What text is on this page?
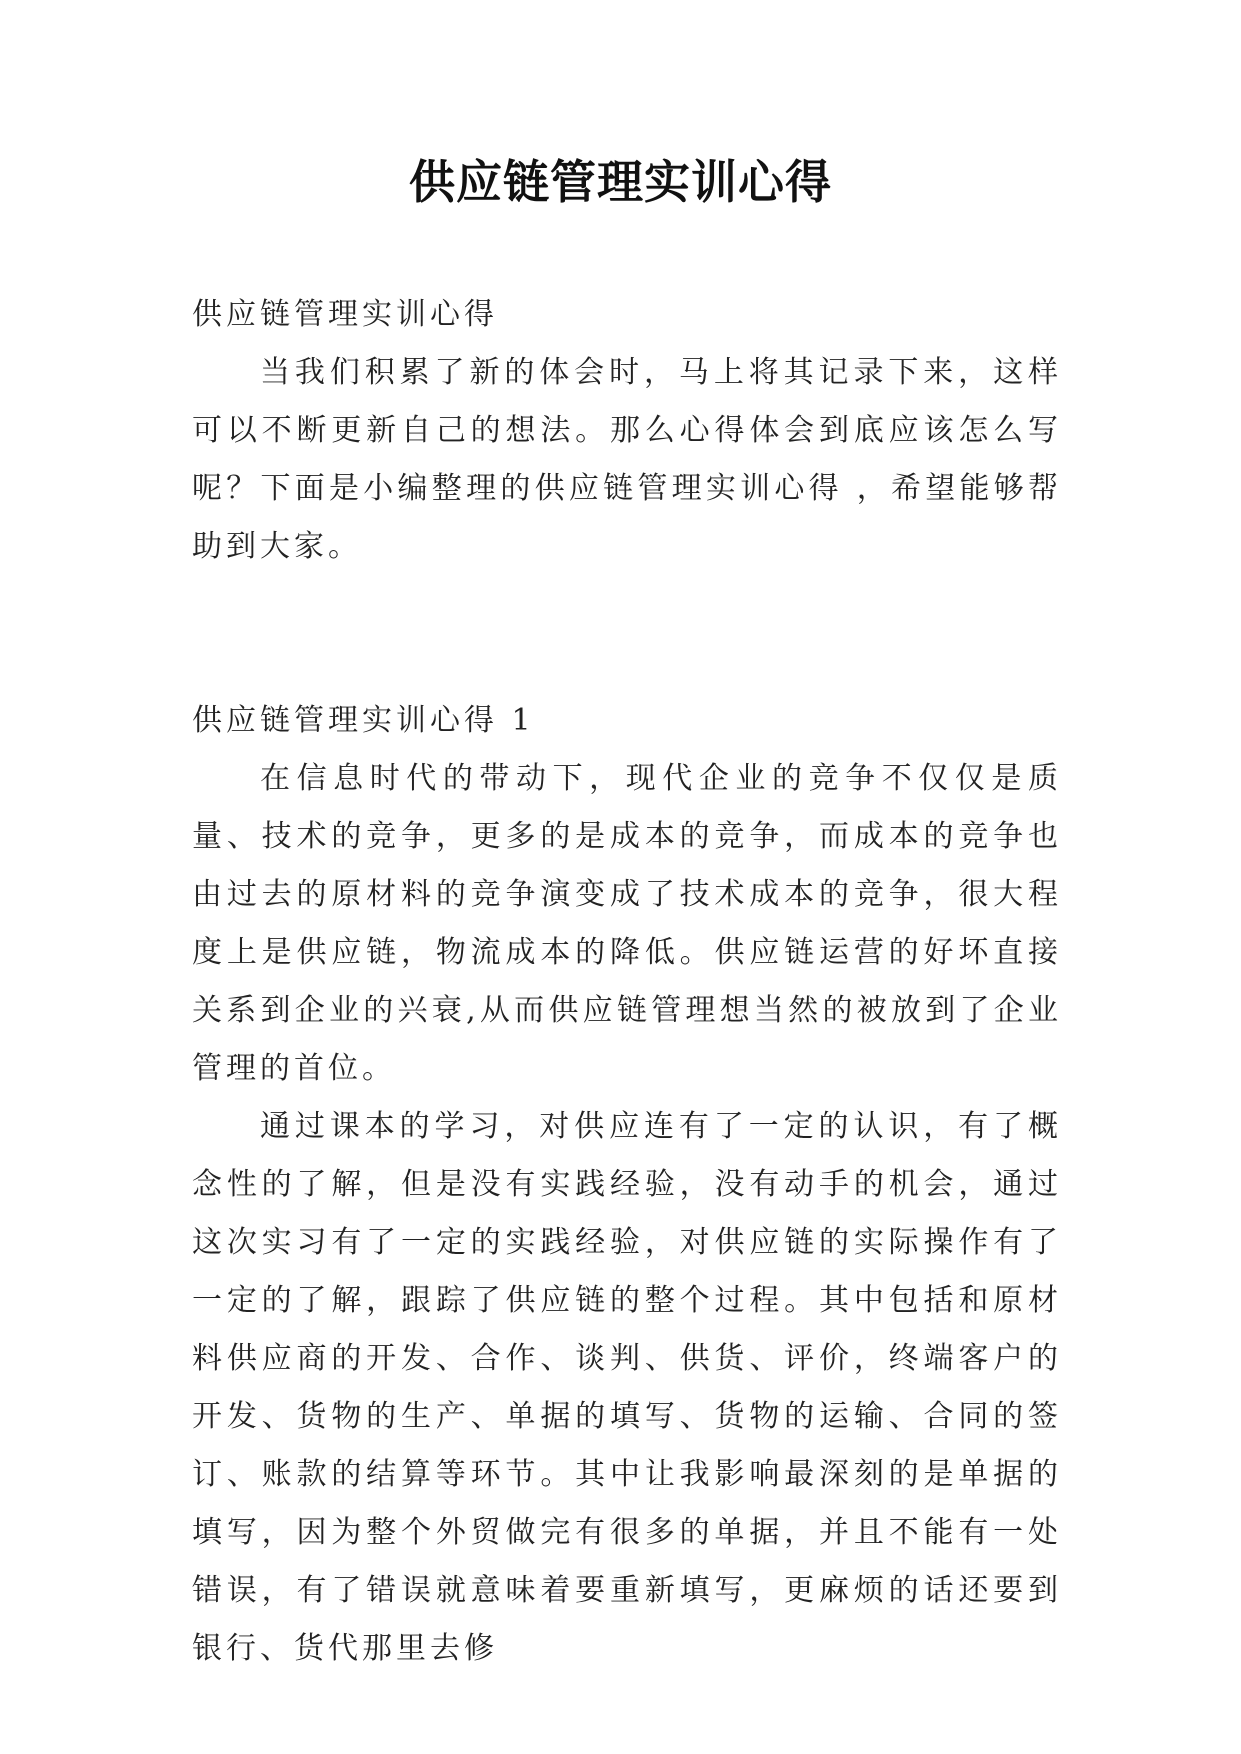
供应链管理实训心得

供应链管理实训心得

当我们积累了新的体会时，马上将其记录下来，这样可以不断更新自己的想法。那么心得体会到底应该怎么写呢？下面是小编整理的供应链管理实训心得 ，希望能够帮助到大家。

供应链管理实训心得 1

在信息时代的带动下，现代企业的竞争不仅仅是质量、技术的竞争，更多的是成本的竞争，而成本的竞争也由过去的原材料的竞争演变成了技术成本的竞争，很大程度上是供应链，物流成本的降低。供应链运营的好坏直接关系到企业的兴衰,从而供应链管理想当然的被放到了企业管理的首位。

通过课本的学习，对供应连有了一定的认识，有了概念性的了解，但是没有实践经验，没有动手的机会，通过这次实习有了一定的实践经验，对供应链的实际操作有了一定的了解，跟踪了供应链的整个过程。其中包括和原材料供应商的开发、合作、谈判、供货、评价，终端客户的开发、货物的生产、单据的填写、货物的运输、合同的签订、账款的结算等环节。其中让我影响最深刻的是单据的填写，因为整个外贸做完有很多的单据，并且不能有一处错误，有了错误就意味着要重新填写，更麻烦的话还要到银行、货代那里去修
